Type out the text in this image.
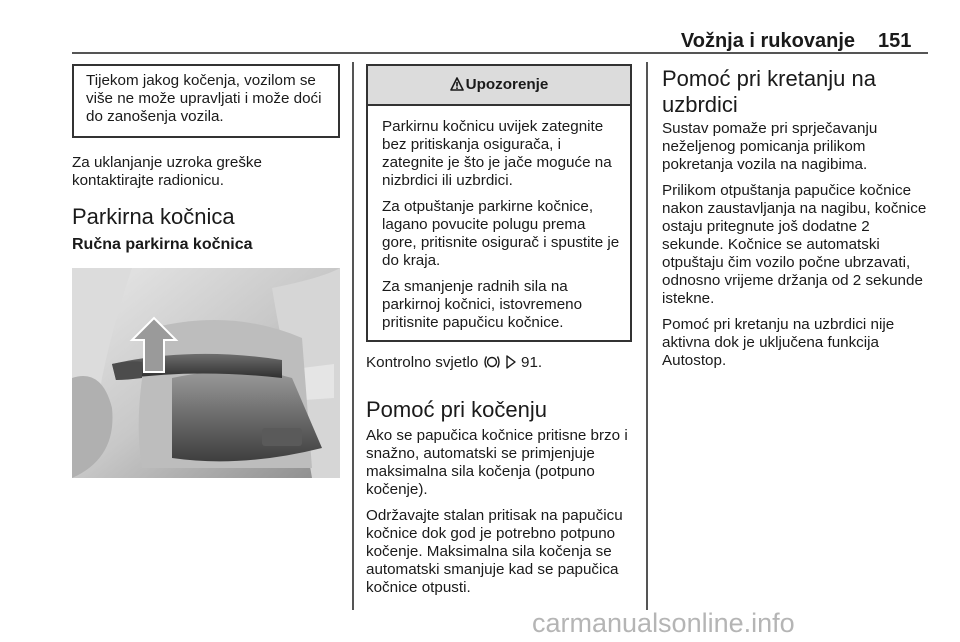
Vožnja i rukovanje 151
Tijekom jakog kočenja, vozilom se više ne može upravljati i može doći do zanošenja vozila.

Za uklanjanje uzroka greške kontaktirajte radionicu.

Parkirna kočnica
Ručna parkirna kočnica
Upozorenje

Parkirnu kočnicu uvijek zategnite bez pritiskanja osigurača, i zategnite je što je jače moguće na nizbrdici ili uzbrdici.

Za otpuštanje parkirne kočnice, lagano povucite polugu prema gore, pritisnite osigurač i spustite je do kraja.

Za smanjenje radnih sila na parkirnoj kočnici, istovremeno pritisnite papučicu kočnice.

Kontrolno svjetlo	91.

Pomoć pri kočenju

Ako se papučica kočnice pritisne brzo i snažno, automatski se primjenjuje maksimalna sila kočenja (potpuno kočenje).

Održavajte stalan pritisak na papučicu kočnice dok god je potrebno potpuno kočenje. Maksimalna sila kočenja se automatski smanjuje kad se papučica kočnice otpusti.

Pomoć pri kretanju na uzbrdici

Sustav pomaže pri sprječavanju neželjenog pomicanja prilikom pokretanja vozila na nagibima.

Prilikom otpuštanja papučice kočnice nakon zaustavljanja na nagibu, kočnice ostaju pritegnute još dodatne 2 sekunde. Kočnice se automatski otpuštaju čim vozilo počne ubrzavati, odnosno vrijeme držanja od 2 sekunde istekne.

Pomoć pri kretanju na uzbrdici nije aktivna dok je uključena funkcija Autostop.

carmanualsonline.info
